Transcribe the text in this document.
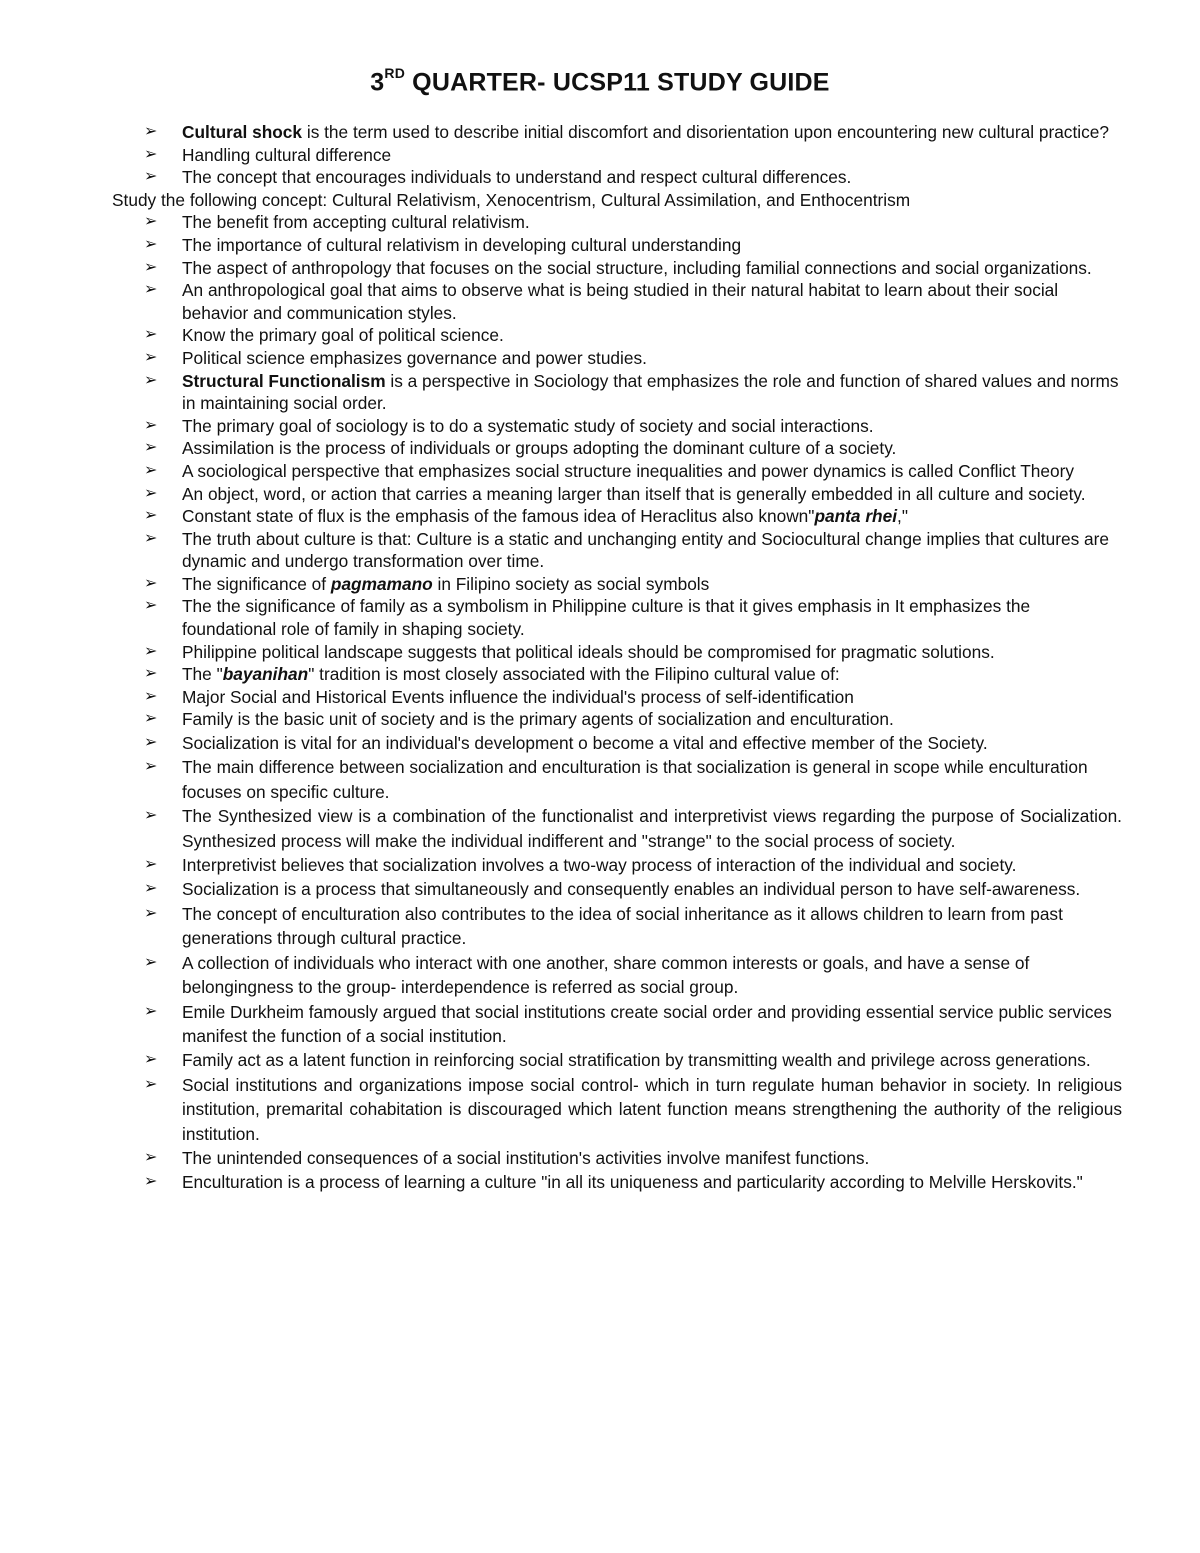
3RD QUARTER- UCSP11 STUDY GUIDE
➢ Cultural shock is the term used to describe initial discomfort and disorientation upon encountering new cultural practice?
➢ Handling cultural difference
➢ The concept that encourages individuals to understand and respect cultural differences.
Study the following concept: Cultural Relativism, Xenocentrism, Cultural Assimilation, and Enthocentrism
➢ The benefit from accepting cultural relativism.
➢ The importance of cultural relativism in developing cultural understanding
➢ The aspect of anthropology that focuses on the social structure, including familial connections and social organizations.
➢ An anthropological goal that aims to observe what is being studied in their natural habitat to learn about their social behavior and communication styles.
➢ Know the primary goal of political science.
➢ Political science emphasizes governance and power studies.
➢ Structural Functionalism is a perspective in Sociology that emphasizes the role and function of shared values and norms in maintaining social order.
➢ The primary goal of sociology is to do a systematic study of society and social interactions.
➢ Assimilation is the process of individuals or groups adopting the dominant culture of a society.
➢ A sociological perspective that emphasizes social structure inequalities and power dynamics is called Conflict Theory
➢ An object, word, or action that carries a meaning larger than itself that is generally embedded in all culture and society.
➢ Constant state of flux is the emphasis of the famous idea of Heraclitus also known"panta rhei,"
➢ The truth about culture is that: Culture is a static and unchanging entity and Sociocultural change implies that cultures are dynamic and undergo transformation over time.
➢ The significance of pagmamano in Filipino society as social symbols
➢ The the significance of family as a symbolism in Philippine culture is that it gives emphasis in It emphasizes the foundational role of family in shaping society.
➢ Philippine political landscape suggests that political ideals should be compromised for pragmatic solutions.
➢ The "bayanihan" tradition is most closely associated with the Filipino cultural value of:
➢ Major Social and Historical Events influence the individual's process of self-identification
➢ Family is the basic unit of society and is the primary agents of socialization and enculturation.
➢ Socialization is vital for an individual's development o become a vital and effective member of the Society.
➢ The main difference between socialization and enculturation is that socialization is general in scope while enculturation focuses on specific culture.
➢ The Synthesized view is a combination of the functionalist and interpretivist views regarding the purpose of Socialization. Synthesized process will make the individual indifferent and "strange" to the social process of society.
➢ Interpretivist believes that socialization involves a two-way process of interaction of the individual and society.
➢ Socialization is a process that simultaneously and consequently enables an individual person to have self-awareness.
➢ The concept of enculturation also contributes to the idea of social inheritance as it allows children to learn from past generations through cultural practice.
➢ A collection of individuals who interact with one another, share common interests or goals, and have a sense of belongingness to the group- interdependence is referred as social group.
➢ Emile Durkheim famously argued that social institutions create social order and providing essential service public services manifest the function of a social institution.
➢ Family act as a latent function in reinforcing social stratification by transmitting wealth and privilege across generations.
➢ Social institutions and organizations impose social control- which in turn regulate human behavior in society. In religious institution, premarital cohabitation is discouraged which latent function means strengthening the authority of the religious institution.
➢ The unintended consequences of a social institution's activities involve manifest functions.
➢ Enculturation is a process of learning a culture "in all its uniqueness and particularity according to Melville Herskovits."
